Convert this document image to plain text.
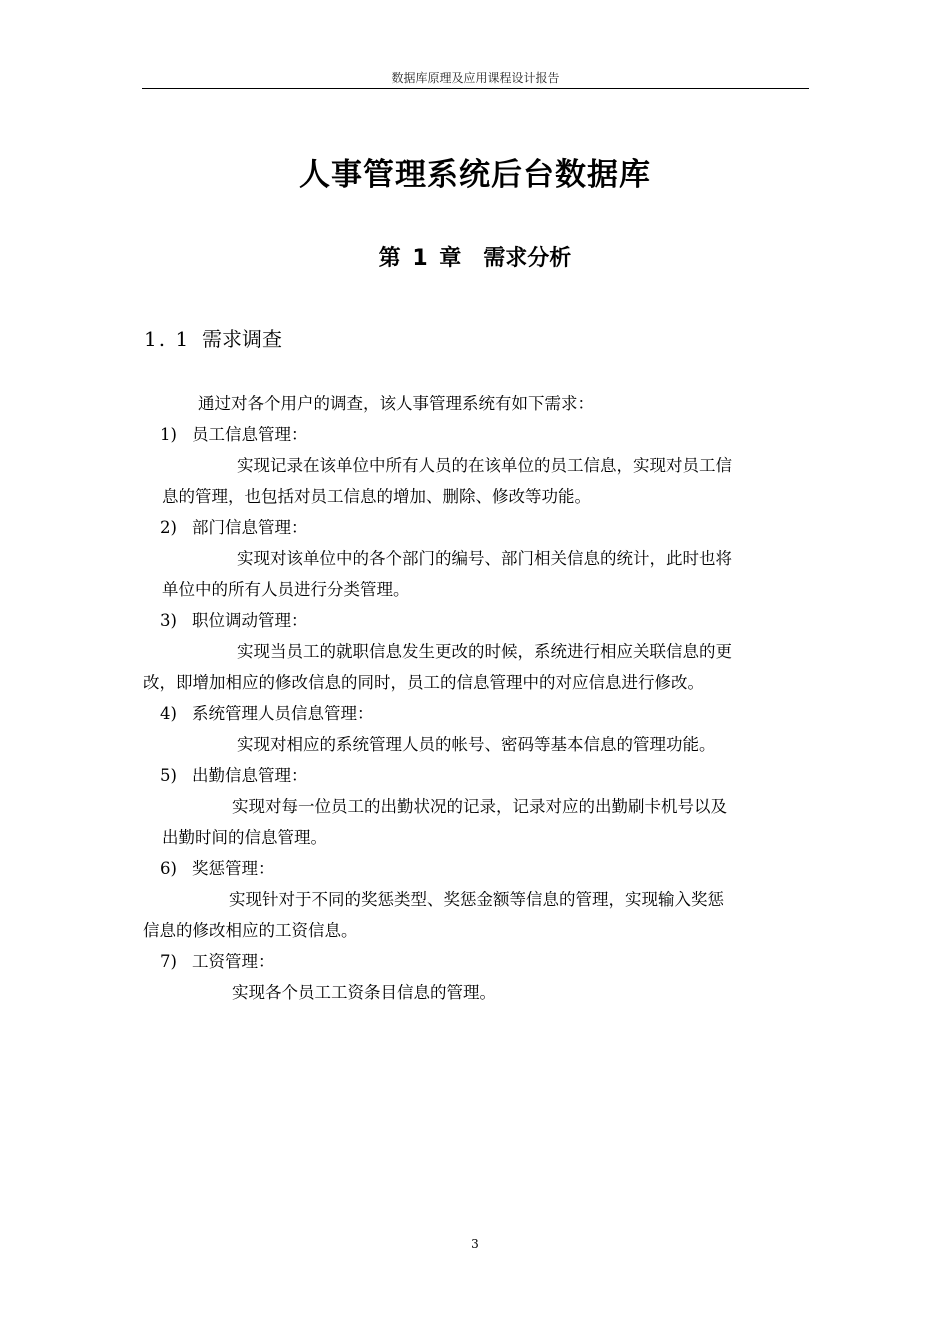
数据库原理及应用课程设计报告
人事管理系统后台数据库
第 1 章　需求分析
1. 1 需求调查
通过对各个用户的调查，该人事管理系统有如下需求：
1) 员工信息管理：
实现记录在该单位中所有人员的在该单位的员工信息，实现对员工信
息的管理，也包括对员工信息的增加、删除、修改等功能。
2) 部门信息管理：
实现对该单位中的各个部门的编号、部门相关信息的统计，此时也将
单位中的所有人员进行分类管理。
3) 职位调动管理：
实现当员工的就职信息发生更改的时候，系统进行相应关联信息的更
改，即增加相应的修改信息的同时，员工的信息管理中的对应信息进行修改。
4) 系统管理人员信息管理：
实现对相应的系统管理人员的帐号、密码等基本信息的管理功能。
5) 出勤信息管理：
实现对每一位员工的出勤状况的记录，记录对应的出勤刷卡机号以及
出勤时间的信息管理。
6) 奖惩管理：
实现针对于不同的奖惩类型、奖惩金额等信息的管理，实现输入奖惩
信息的修改相应的工资信息。
7) 工资管理：
实现各个员工工资条目信息的管理。
3
